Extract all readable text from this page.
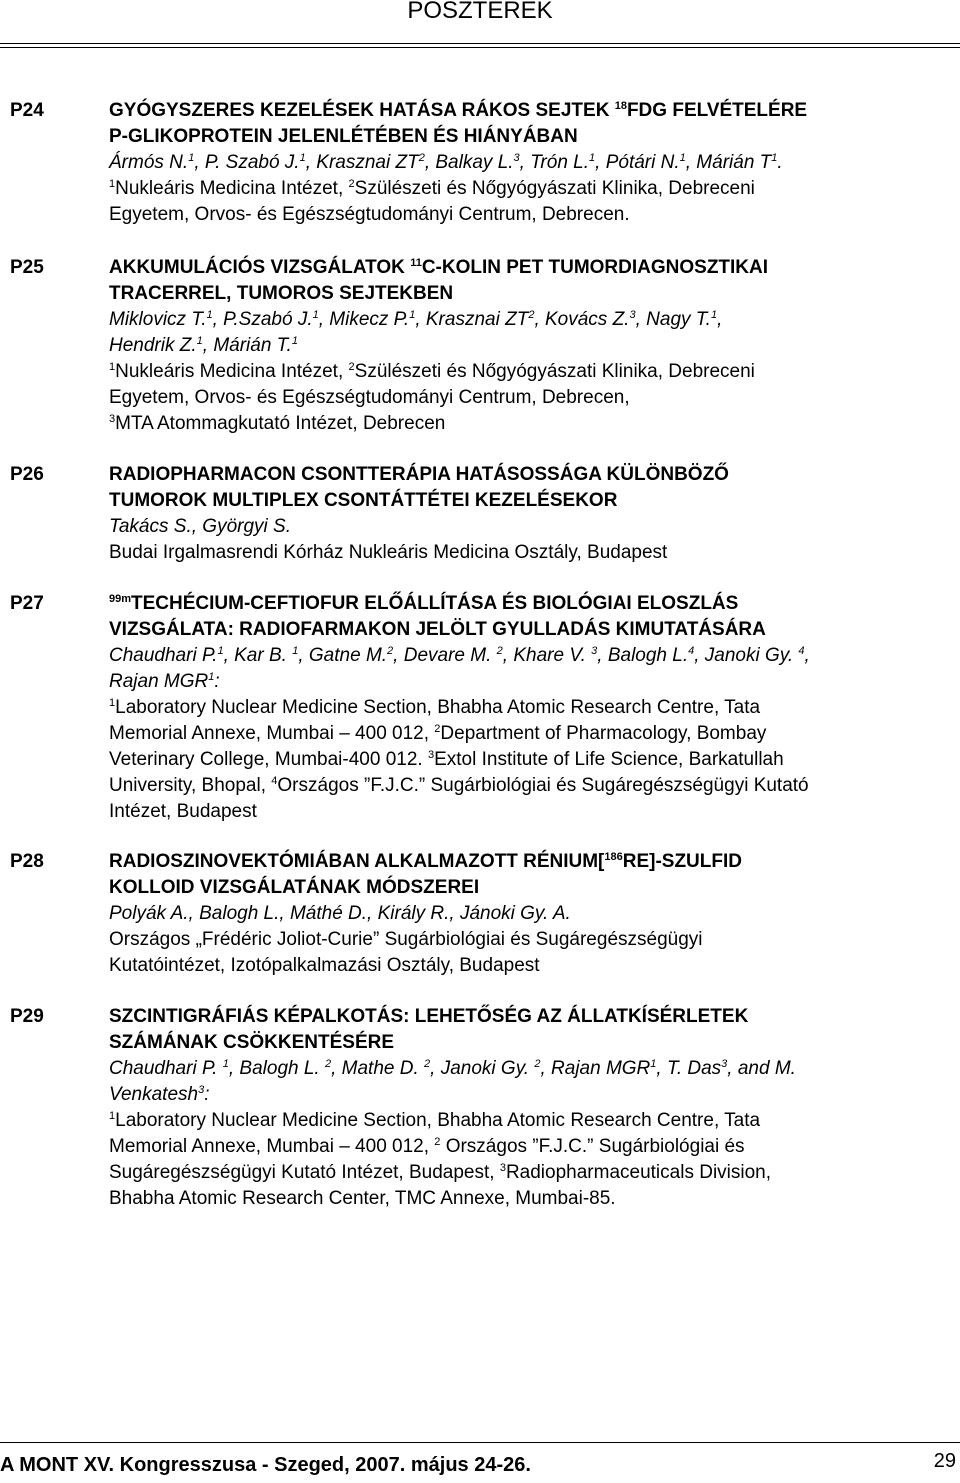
POSZTEREK
P24	GYÓGYSZERES KEZELÉSEK HATÁSA RÁKOS SEJTEK $^{18}$FDG FELVÉTELÉRE
P-GLIKOPROTEIN JELENLÉTÉBEN ÉS HIÁNYÁBAN
Ármós N.$^1$, P. Szabó J.$^1$, Krasznai $ZT^2$, Balkay L.$^3$, Trón L.$^1$, Pótári N.$^1$, Márián $T^1$.
$^1$Nukleáris Medicina Intézet, $^2$Szülészeti és Nőgyógyászati Klinika, Debreceni
Egyetem, Orvos- és Egészségtudományi Centrum, Debrecen.
P25	AKKUMULÁCIÓS VIZSGÁLATOK $^{11}$C-KOLIN PET TUMORDIAGNOSZTIKAI
TRACERREL, TUMOROS SEJTEKBEN
Miklovicz T.$^1$, P.Szabó J.$^1$, Mikecz P.$^1$, Krasznai $ZT^2$, Kovács Z.$^3$, Nagy T.$^1$,
Hendrik Z.$^1$, Márián T.$^1$
$^1$Nukleáris Medicina Intézet, $^2$Szülészeti és Nőgyógyászati Klinika, Debreceni
Egyetem, Orvos- és Egészségtudományi Centrum, Debrecen,
$^3$MTA Atommagkutató Intézet, Debrecen
P26	RADIOPHARMACON CSONTTERÁPIA HATÁSOSSÁGA KÜLÖNBÖZŐ
TUMOROK MULTIPLEX CSONTÁTTÉTEI KEZELÉSEKOR
Takács S., Györgyi S.
Budai Irgalmasrendi Kórház Nukleáris Medicina Osztály, Budapest
P27	$^{99m}$TECHÉCIUM-CEFTIOFUR ELŐÁLLÍTÁSA ÉS BIOLÓGIAI ELOSZLÁS
VIZSGÁLATA: RADIOFARMAKON JELÖLT GYULLADÁS KIMUTATÁSÁRA
Chaudhari P.$^1$, Kar B. $^1$, Gatne M.$^2$, Devare M. $^2$, Khare V. $^3$, Balogh L.$^4$, Janoki Gy. $^4$,
Rajan MGR$^1$:
$^1$Laboratory Nuclear Medicine Section, Bhabha Atomic Research Centre, Tata
Memorial Annexe, Mumbai – 400 012, $^2$Department of Pharmacology, Bombay
Veterinary College, Mumbai-400 012. $^3$Extol Institute of Life Science, Barkatullah
University, Bhopal, $^4$Országos ”F.J.C.” Sugárbiológiai és Sugáregészségügyi Kutató
Intézet, Budapest
P28	RADIOSZINOVEKTÓMIÁBAN ALKALMAZOTT RÉNIUM[$^{186}$RE]-SZULFID
KOLLOID VIZSGÁLATÁNAK MÓDSZEREI
Polyák A., Balogh L., Máthé D., Király R., Jánoki Gy. A.
Országos „Frédéric Joliot-Curie” Sugárbiológiai és Sugáregészségügyi
Kutatóintézet, Izotópalkalmazási Osztály, Budapest
P29	SZCINTIGRÁFIÁS KÉPALKOTÁS: LEHETŐSÉG AZ ÁLLATKÍSÉRLETEK
SZÁMÁNAK CSÖKKENTÉSÉRE
Chaudhari P. $^1$, Balogh L. $^2$, Mathe D. $^2$, Janoki Gy. $^2$, Rajan MGR$^1$, T. Das$^3$, and M.
Venkatesh$^3$:
$^1$Laboratory Nuclear Medicine Section, Bhabha Atomic Research Centre, Tata
Memorial Annexe, Mumbai – 400 012, $^2$ Országos ”F.J.C.” Sugárbiológiai és
Sugáregészségügyi Kutató Intézet, Budapest, $^3$Radiopharmaceuticals Division,
Bhabha Atomic Research Center, TMC Annexe, Mumbai-85.
A MONT XV. Kongresszusa - Szeged, 2007. május 24-26.	29
